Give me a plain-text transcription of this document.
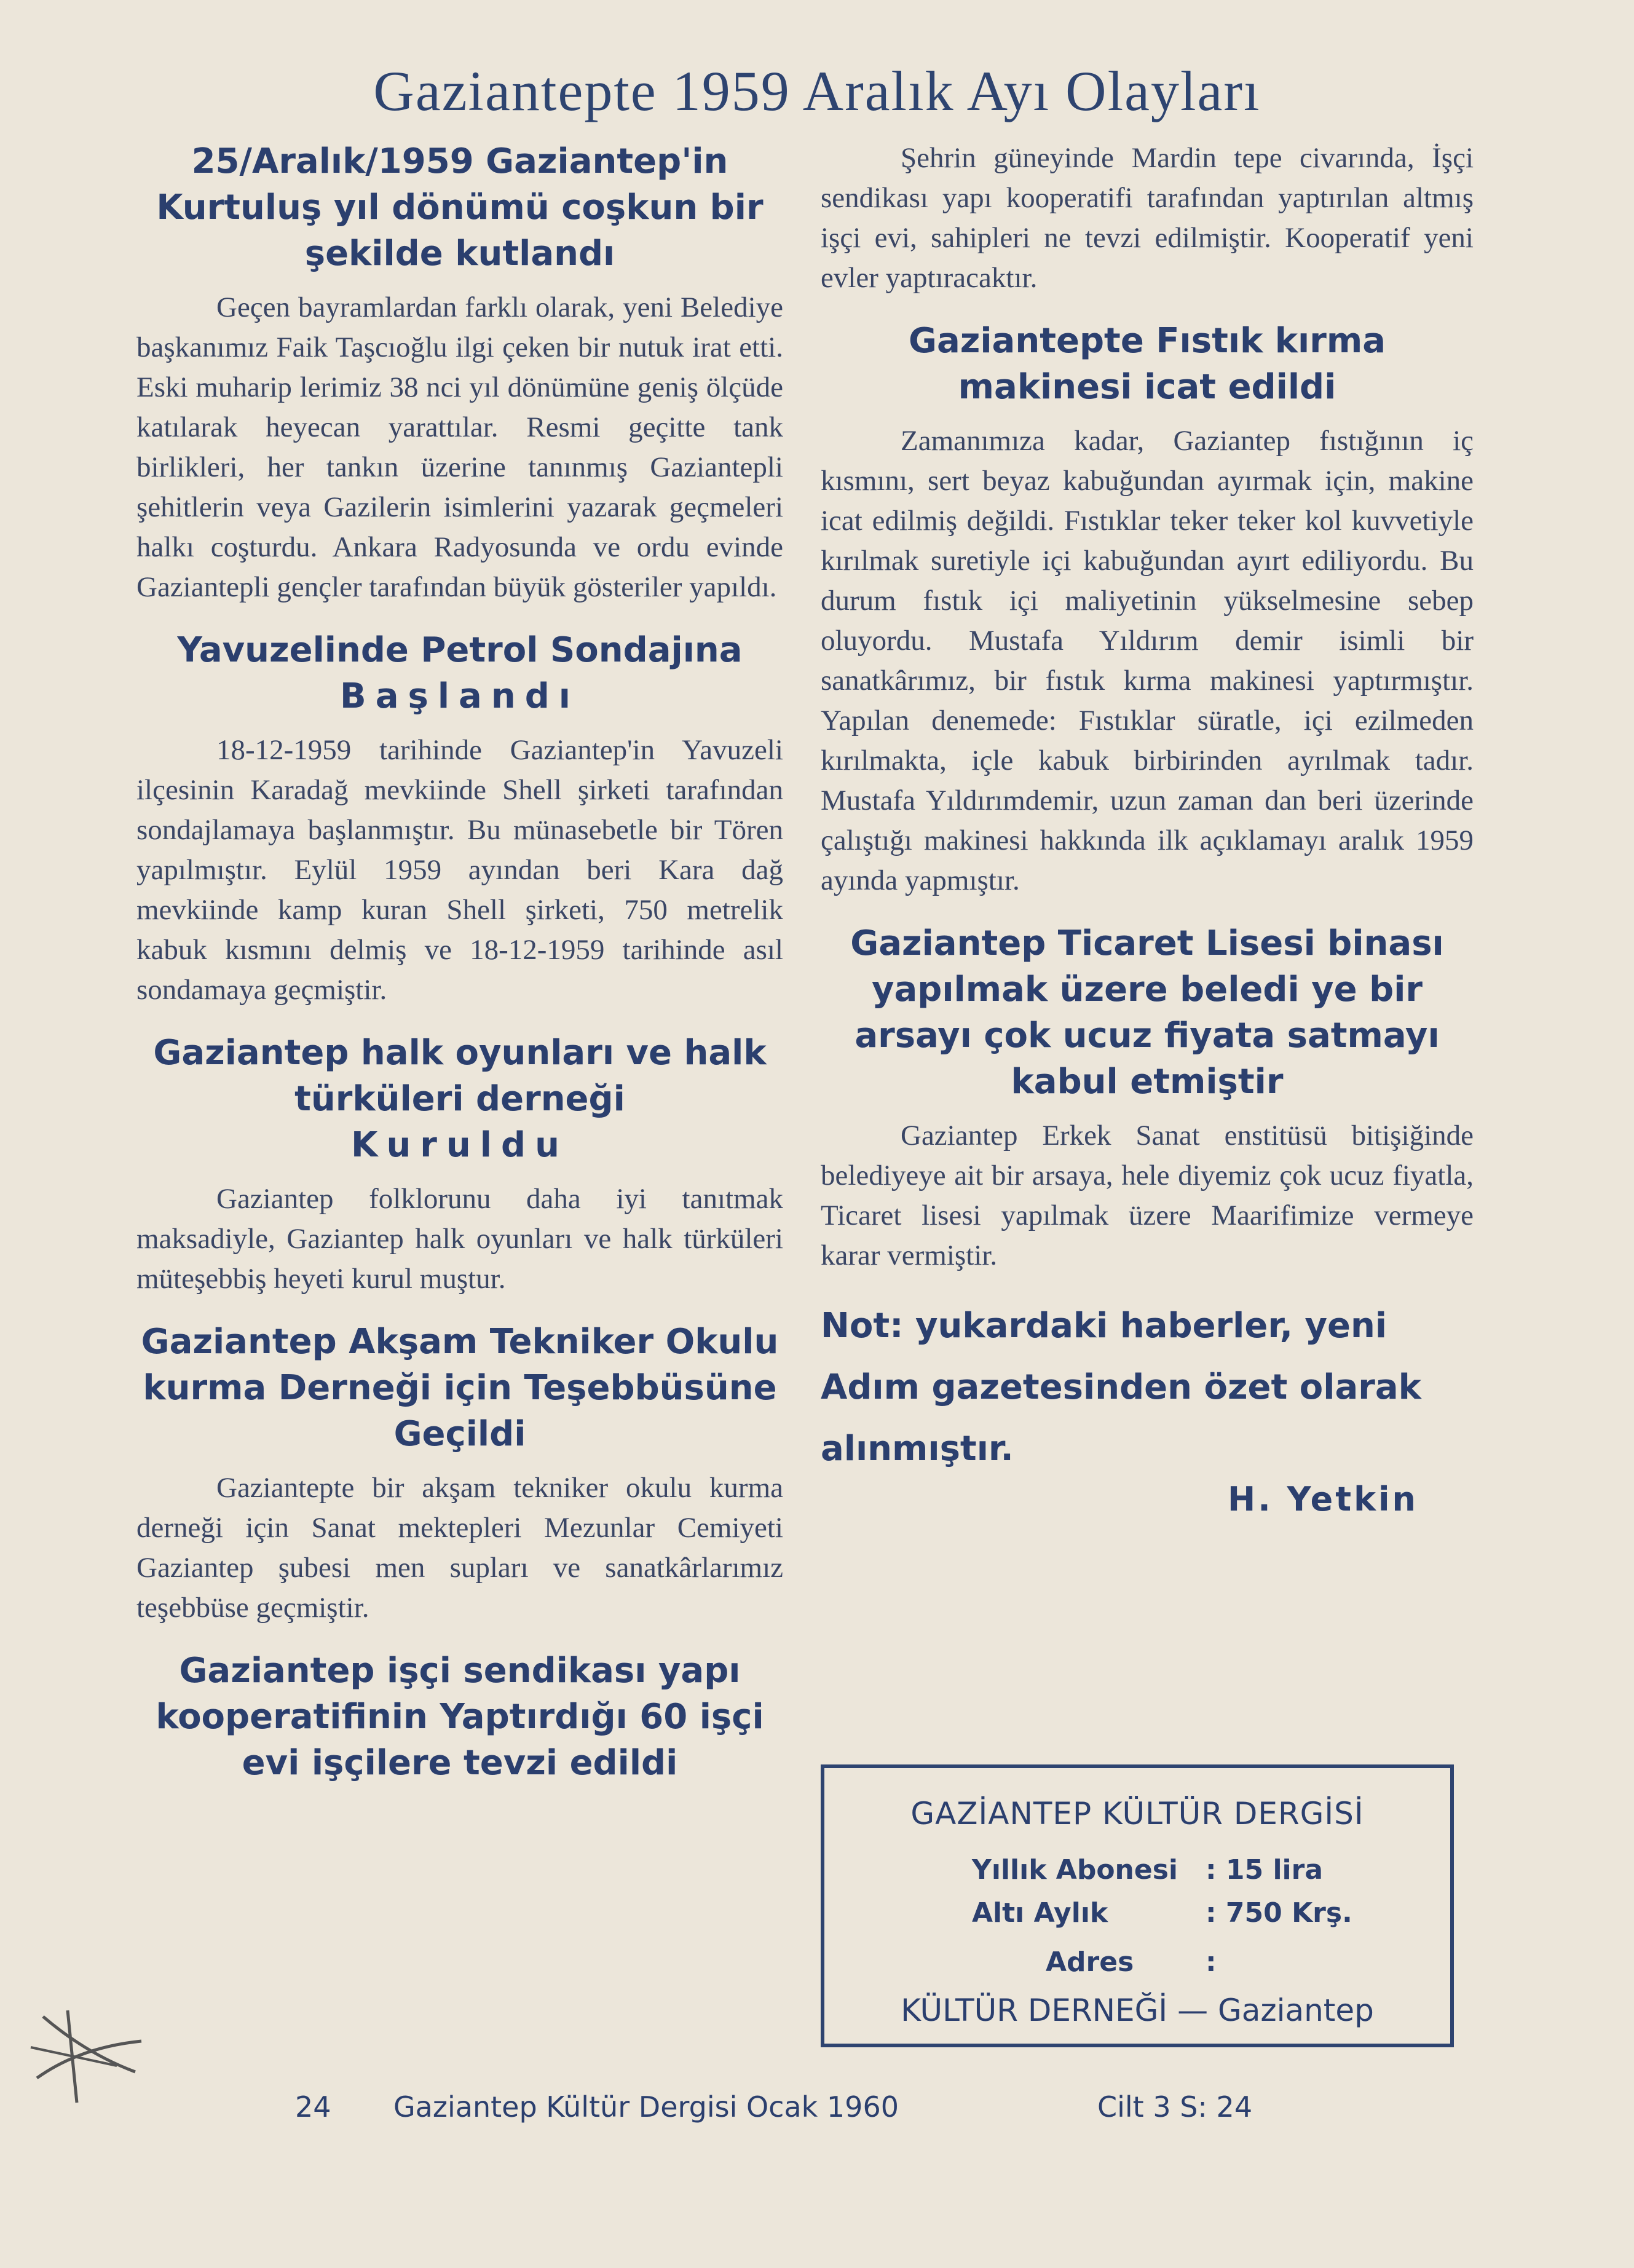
Gaziantepte 1959 Aralık Ayı Olayları
25/Aralık/1959 Gaziantep'in Kurtuluş yıl dönümü coşkun bir şekilde kutlandı

Geçen bayramlardan farklı olarak, yeni Belediye başkanımız Faik Taşcıoğlu ilgi çeken bir nutuk irat etti. Eski muharip lerimiz 38 nci yıl dönümüne geniş ölçüde katılarak heyecan yarattılar. Resmi geçitte tank birlikleri, her tankın üzerine tanınmış Gaziantepli şehitlerin veya Gazilerin isimlerini yazarak geçmeleri halkı coşturdu. Ankara Radyosunda ve ordu evinde Gaziantepli gençler tarafından büyük gösteriler yapıldı.

Yavuzelinde Petrol Sondajına
Başlandı

18-12-1959 tarihinde Gaziantep'in Yavuzeli ilçesinin Karadağ mevkiinde Shell şirketi tarafından sondajlamaya başlanmıştır. Bu münasebetle bir Tören yapılmıştır. Eylül 1959 ayından beri Kara dağ mevkiinde kamp kuran Shell şirketi, 750 metrelik kabuk kısmını delmiş ve 18-12-1959 tarihinde asıl sondamaya geçmiştir.

Gaziantep halk oyunları ve halk türküleri derneği
Kuruldu

Gaziantep folklorunu daha iyi tanıtmak maksadiyle, Gaziantep halk oyunları ve halk türküleri müteşebbiş heyeti kurul muştur.

Gaziantep Akşam Tekniker Okulu kurma Derneği için Teşebbüsüne Geçildi

Gaziantepte bir akşam tekniker okulu kurma derneği için Sanat mektepleri Mezunlar Cemiyeti Gaziantep şubesi men supları ve sanatkârlarımız teşebbüse geçmiştir.

Gaziantep işçi sendikası yapı kooperatifinin Yaptırdığı 60 işçi evi işçilere tevzi edildi

Şehrin güneyinde Mardin tepe civarında, İşçi sendikası yapı kooperatifi tarafından yaptırılan altmış işçi evi, sahipleri ne tevzi edilmiştir. Kooperatif yeni evler yaptıracaktır.

Gaziantepte Fıstık kırma makinesi icat edildi

Zamanımıza kadar, Gaziantep fıstığının iç kısmını, sert beyaz kabuğundan ayırmak için, makine icat edilmiş değildi. Fıstıklar teker teker kol kuvvetiyle kırılmak suretiyle içi kabuğundan ayırt ediliyordu. Bu durum fıstık içi maliyetinin yükselmesine sebep oluyordu. Mustafa Yıldırım demir isimli bir sanatkârımız, bir fıstık kırma makinesi yaptırmıştır. Yapılan denemede: Fıstıklar süratle, içi ezilmeden kırılmakta, içle kabuk birbirinden ayrılmak tadır. Mustafa Yıldırımdemir, uzun zaman dan beri üzerinde çalıştığı makinesi hakkında ilk açıklamayı aralık 1959 ayında yapmıştır.

Gaziantep Ticaret Lisesi binası yapılmak üzere beledi ye bir arsayı çok ucuz fiyata satmayı kabul etmiştir

Gaziantep Erkek Sanat enstitüsü bitişiğinde belediyeye ait bir arsaya, hele diyemiz çok ucuz fiyatla, Ticaret lisesi yapılmak üzere Maarifimize vermeye karar vermiştir.

Not: yukardaki haberler, yeni Adım gazetesinden özet olarak alınmıştır.

H. Yetkin

GAZİANTEP KÜLTÜR DERGİSİ
Yıllık Abonesi : 15 lira
Altı Aylık	: 750 Krş.
Adres	:
KÜLTÜR DERNEĞİ — Gaziantep
24 Gaziantep Kültür Dergisi Ocak 1960	Cilt 3 S: 24
